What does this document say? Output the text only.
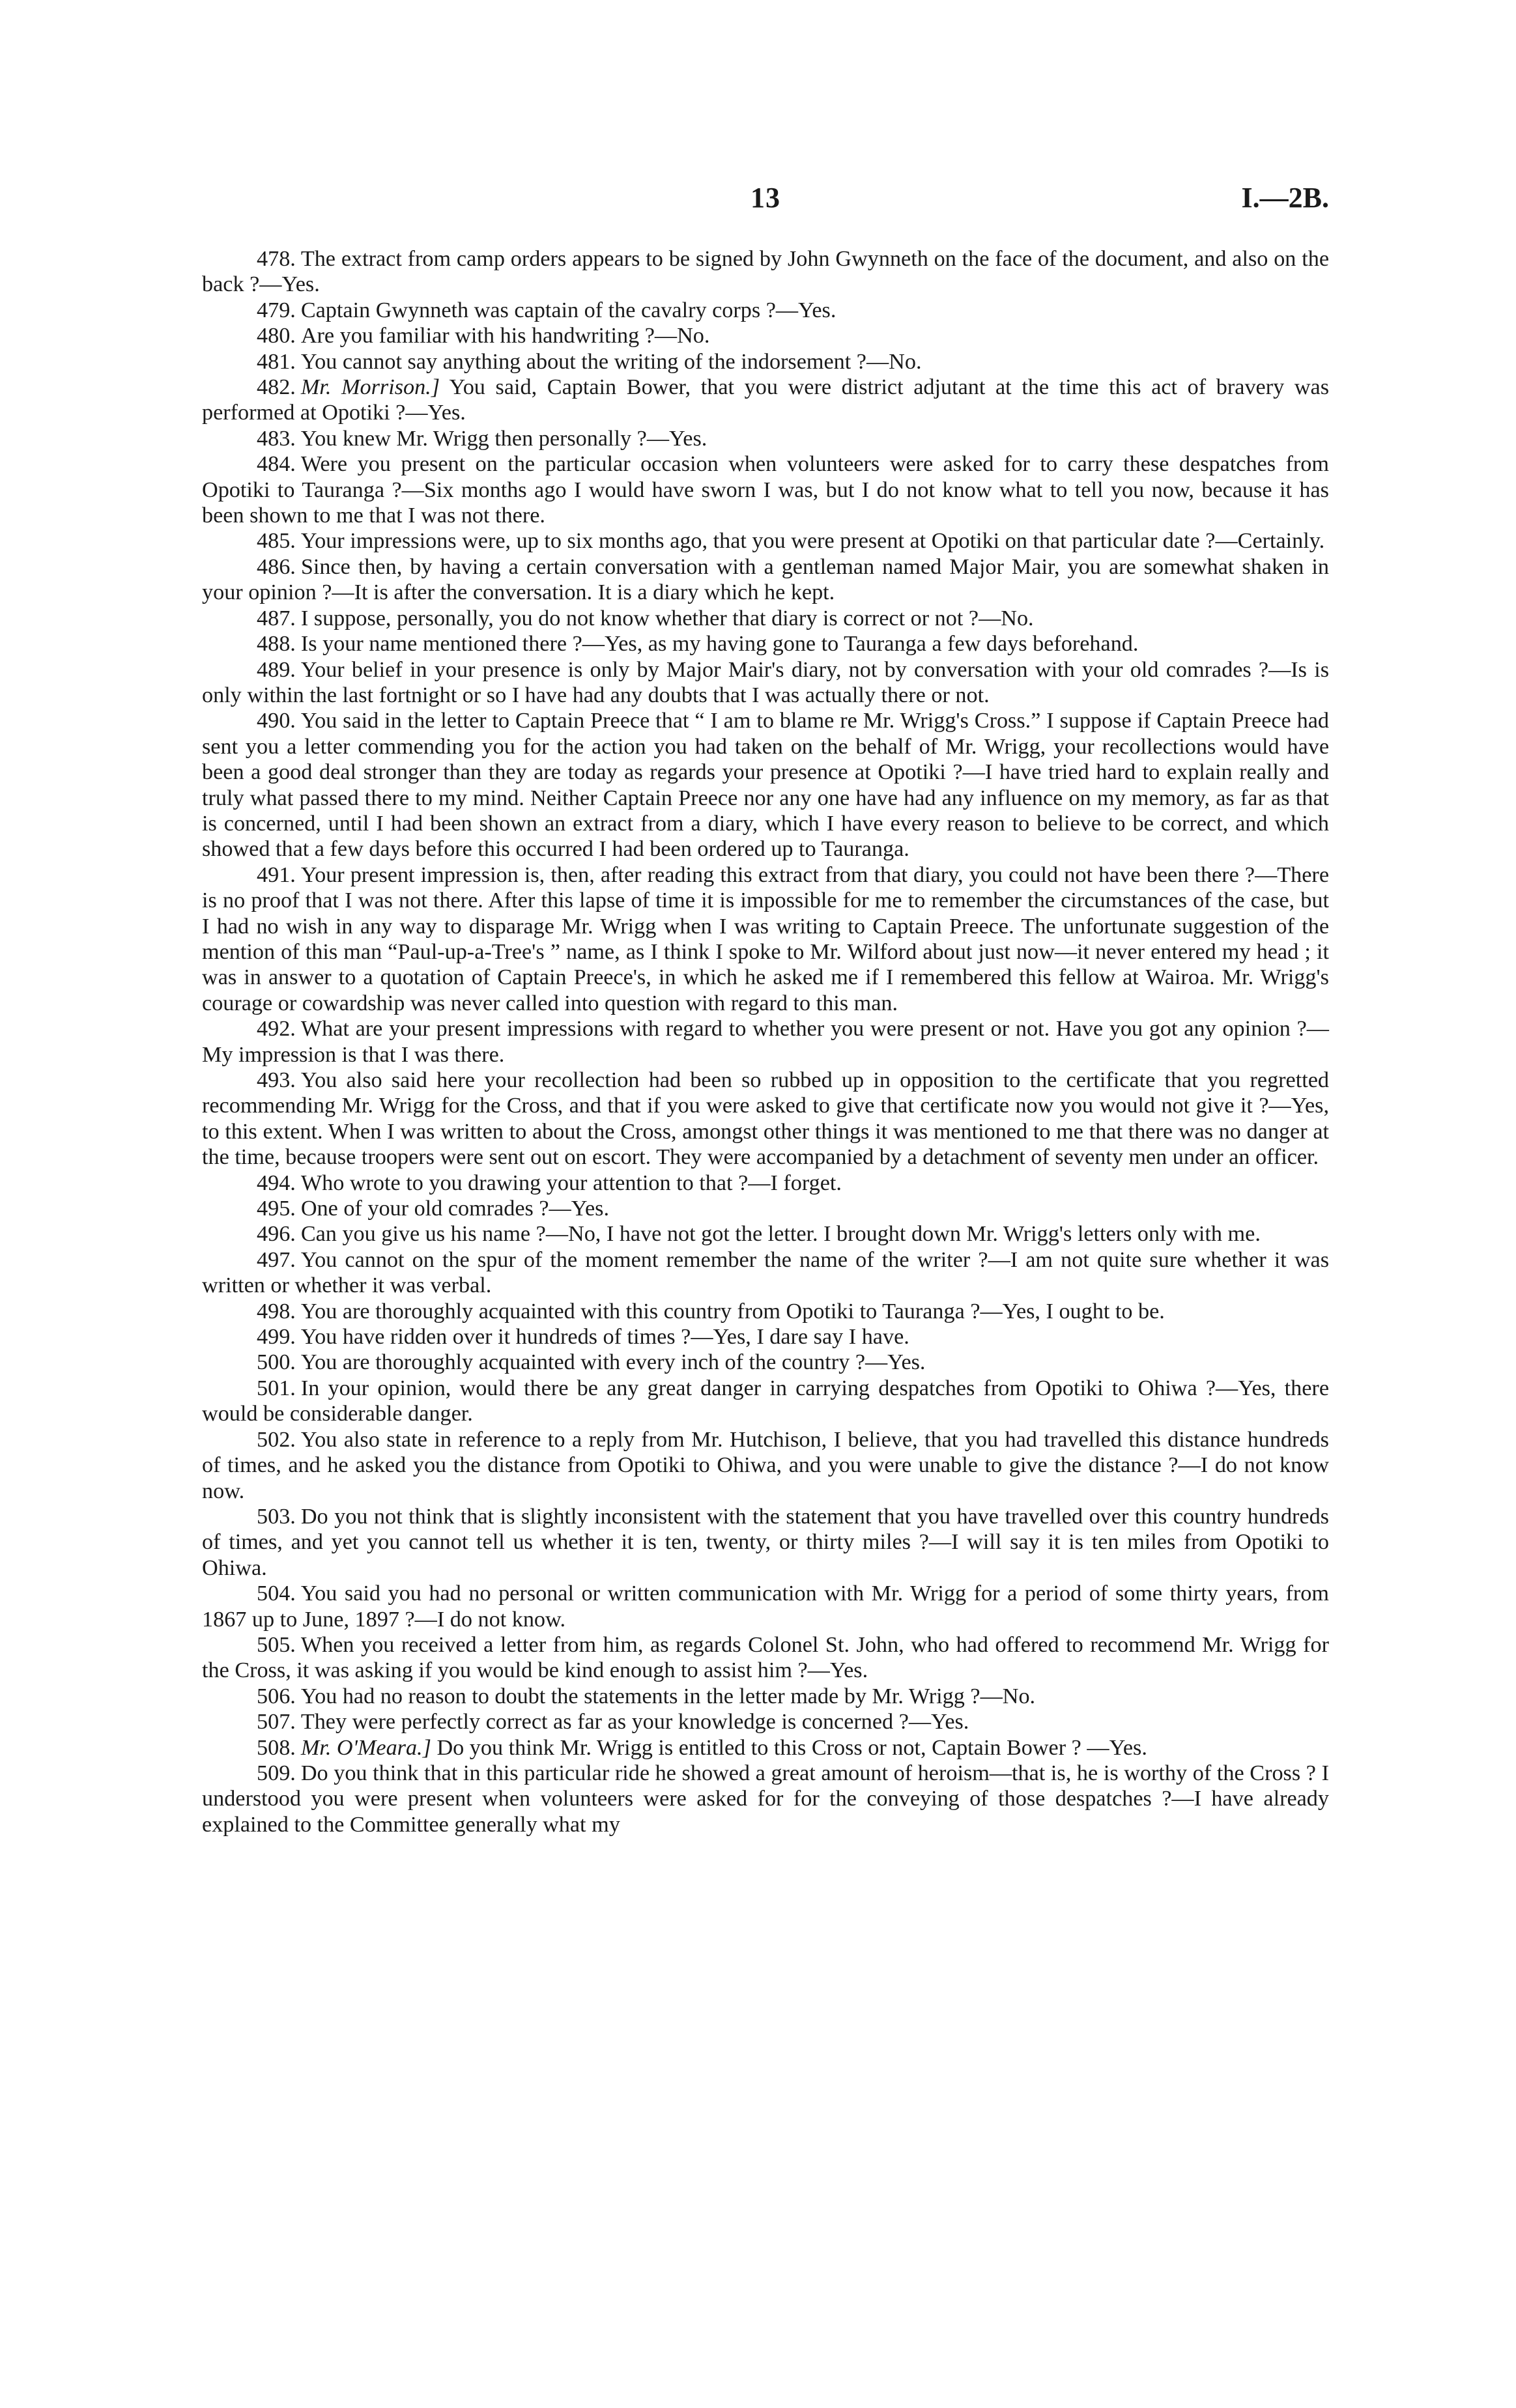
13	I.—2B.

478. The extract from camp orders appears to be signed by John Gwynneth on the face of the document, and also on the back ?—Yes.

479. Captain Gwynneth was captain of the cavalry corps ?—Yes.

480. Are you familiar with his handwriting ?—No.

481. You cannot say anything about the writing of the indorsement ?—No.

482. Mr. Morrison.] You said, Captain Bower, that you were district adjutant at the time this act of bravery was performed at Opotiki ?—Yes.

483. You knew Mr. Wrigg then personally ?—Yes.

484. Were you present on the particular occasion when volunteers were asked for to carry these despatches from Opotiki to Tauranga ?—Six months ago I would have sworn I was, but I do not know what to tell you now, because it has been shown to me that I was not there.

485. Your impressions were, up to six months ago, that you were present at Opotiki on that particular date ?—Certainly.

486. Since then, by having a certain conversation with a gentleman named Major Mair, you are somewhat shaken in your opinion ?—It is after the conversation. It is a diary which he kept.

487. I suppose, personally, you do not know whether that diary is correct or not ?—No.

488. Is your name mentioned there ?—Yes, as my having gone to Tauranga a few days beforehand.

489. Your belief in your presence is only by Major Mair's diary, not by conversation with your old comrades ?—Is is only within the last fortnight or so I have had any doubts that I was actually there or not.

490. You said in the letter to Captain Preece that “ I am to blame re Mr. Wrigg's Cross.” I suppose if Captain Preece had sent you a letter commending you for the action you had taken on the behalf of Mr. Wrigg, your recollections would have been a good deal stronger than they are today as regards your presence at Opotiki ?—I have tried hard to explain really and truly what passed there to my mind. Neither Captain Preece nor any one have had any influence on my memory, as far as that is concerned, until I had been shown an extract from a diary, which I have every reason to believe to be correct, and which showed that a few days before this occurred I had been ordered up to Tauranga.

491. Your present impression is, then, after reading this extract from that diary, you could not have been there ?—There is no proof that I was not there. After this lapse of time it is impossible for me to remember the circumstances of the case, but I had no wish in any way to disparage Mr. Wrigg when I was writing to Captain Preece. The unfortunate suggestion of the mention of this man “Paul-up-a-Tree's ” name, as I think I spoke to Mr. Wilford about just now—it never entered my head ; it was in answer to a quotation of Captain Preece's, in which he asked me if I remembered this fellow at Wairoa. Mr. Wrigg's courage or cowardship was never called into question with regard to this man.

492. What are your present impressions with regard to whether you were present or not. Have you got any opinion ?—My impression is that I was there.

493. You also said here your recollection had been so rubbed up in opposition to the certificate that you regretted recommending Mr. Wrigg for the Cross, and that if you were asked to give that certificate now you would not give it ?—Yes, to this extent. When I was written to about the Cross, amongst other things it was mentioned to me that there was no danger at the time, because troopers were sent out on escort. They were accompanied by a detachment of seventy men under an officer.

494. Who wrote to you drawing your attention to that ?—I forget.

495. One of your old comrades ?—Yes.

496. Can you give us his name ?—No, I have not got the letter. I brought down Mr. Wrigg's letters only with me.

497. You cannot on the spur of the moment remember the name of the writer ?—I am not quite sure whether it was written or whether it was verbal.

498. You are thoroughly acquainted with this country from Opotiki to Tauranga ?—Yes, I ought to be.

499. You have ridden over it hundreds of times ?—Yes, I dare say I have.

500. You are thoroughly acquainted with every inch of the country ?—Yes.

501. In your opinion, would there be any great danger in carrying despatches from Opotiki to Ohiwa ?—Yes, there would be considerable danger.

502. You also state in reference to a reply from Mr. Hutchison, I believe, that you had travelled this distance hundreds of times, and he asked you the distance from Opotiki to Ohiwa, and you were unable to give the distance ?—I do not know now.

503. Do you not think that is slightly inconsistent with the statement that you have travelled over this country hundreds of times, and yet you cannot tell us whether it is ten, twenty, or thirty miles ?—I will say it is ten miles from Opotiki to Ohiwa.

504. You said you had no personal or written communication with Mr. Wrigg for a period of some thirty years, from 1867 up to June, 1897 ?—I do not know.

505. When you received a letter from him, as regards Colonel St. John, who had offered to recommend Mr. Wrigg for the Cross, it was asking if you would be kind enough to assist him ?—Yes.

506. You had no reason to doubt the statements in the letter made by Mr. Wrigg ?—No.

507. They were perfectly correct as far as your knowledge is concerned ?—Yes.

508. Mr. O'Meara.] Do you think Mr. Wrigg is entitled to this Cross or not, Captain Bower ? —Yes.

509. Do you think that in this particular ride he showed a great amount of heroism—that is, he is worthy of the Cross ? I understood you were present when volunteers were asked for for the conveying of those despatches ?—I have already explained to the Committee generally what my
